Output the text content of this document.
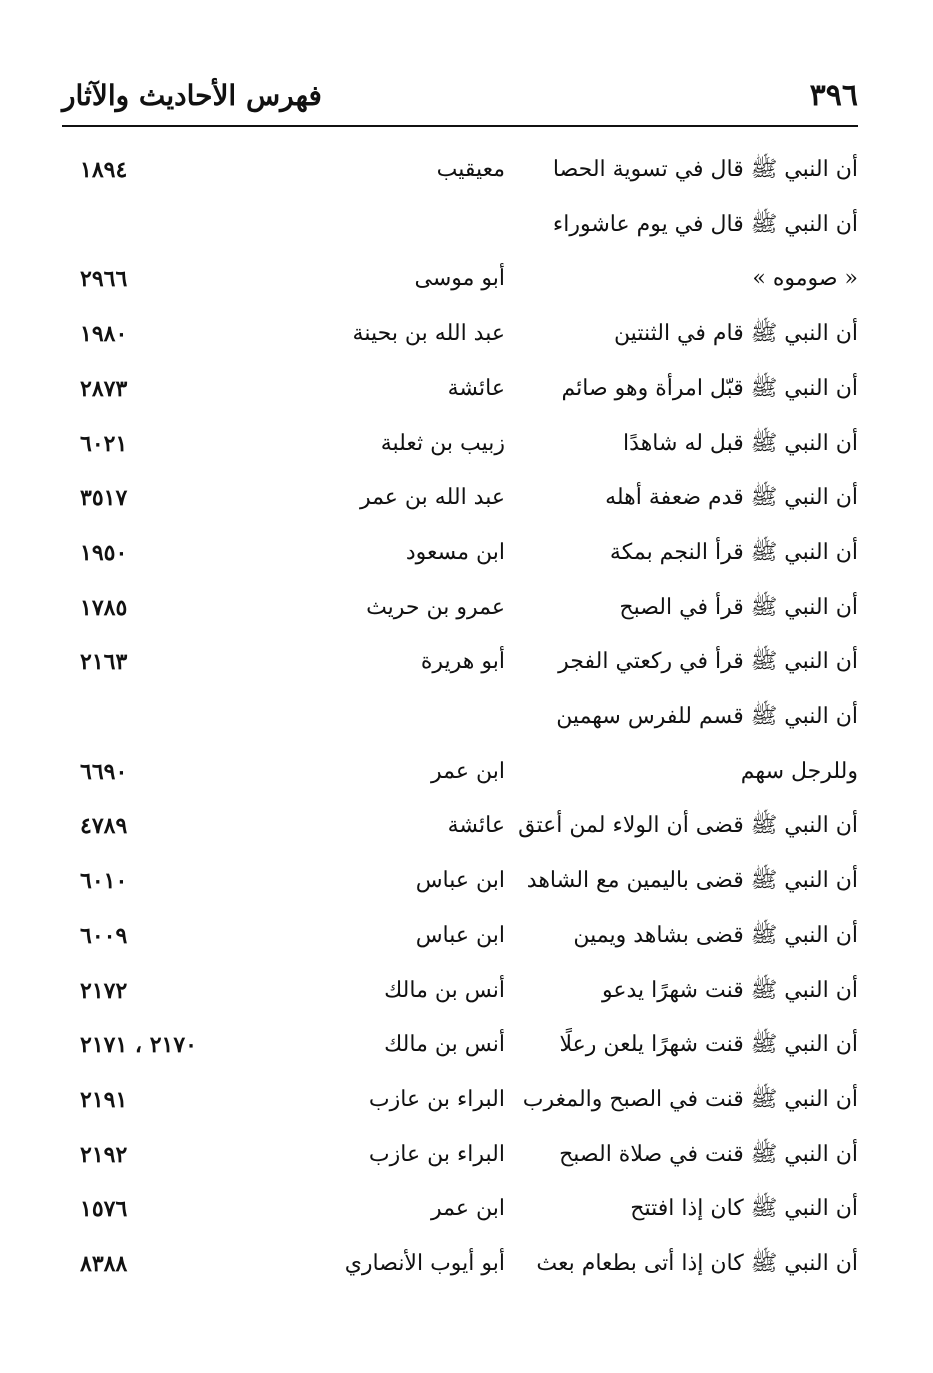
فهرس الأحاديث والآثار	٣٩٦
أن النبي ﷺ قال في تسوية الحصا
معيقيب
١٨٩٤
أن النبي ﷺ قال في يوم عاشوراء
« صوموه »
أبو موسى
٢٩٦٦
أن النبي ﷺ قام في الثنتين
عبد الله بن بحينة
١٩٨٠
أن النبي ﷺ قبّل امرأة وهو صائم
عائشة
٢٨٧٣
أن النبي ﷺ قبل له شاهدًا
زبيب بن ثعلبة
٦٠٢١
أن النبي ﷺ قدم ضعفة أهله
عبد الله بن عمر
٣٥١٧
أن النبي ﷺ قرأ النجم بمكة
ابن مسعود
١٩٥٠
أن النبي ﷺ قرأ في الصبح
عمرو بن حريث
١٧٨٥
أن النبي ﷺ قرأ في ركعتي الفجر
أبو هريرة
٢١٦٣
أن النبي ﷺ قسم للفرس سهمين
وللرجل سهم
ابن عمر
٦٦٩٠
أن النبي ﷺ قضى أن الولاء لمن أعتق
عائشة
٤٧٨٩
أن النبي ﷺ قضى باليمين مع الشاهد
ابن عباس
٦٠١٠
أن النبي ﷺ قضى بشاهد ويمين
ابن عباس
٦٠٠٩
أن النبي ﷺ قنت شهرًا يدعو
أنس بن مالك
٢١٧٢
أن النبي ﷺ قنت شهرًا يلعن رعلًا
أنس بن مالك
٢١٧٠ ، ٢١٧١
أن النبي ﷺ قنت في الصبح والمغرب
البراء بن عازب
٢١٩١
أن النبي ﷺ قنت في صلاة الصبح
البراء بن عازب
٢١٩٢
أن النبي ﷺ كان إذا افتتح
ابن عمر
١٥٧٦
أن النبي ﷺ كان إذا أتى بطعام بعث
أبو أيوب الأنصاري
٨٣٨٨
